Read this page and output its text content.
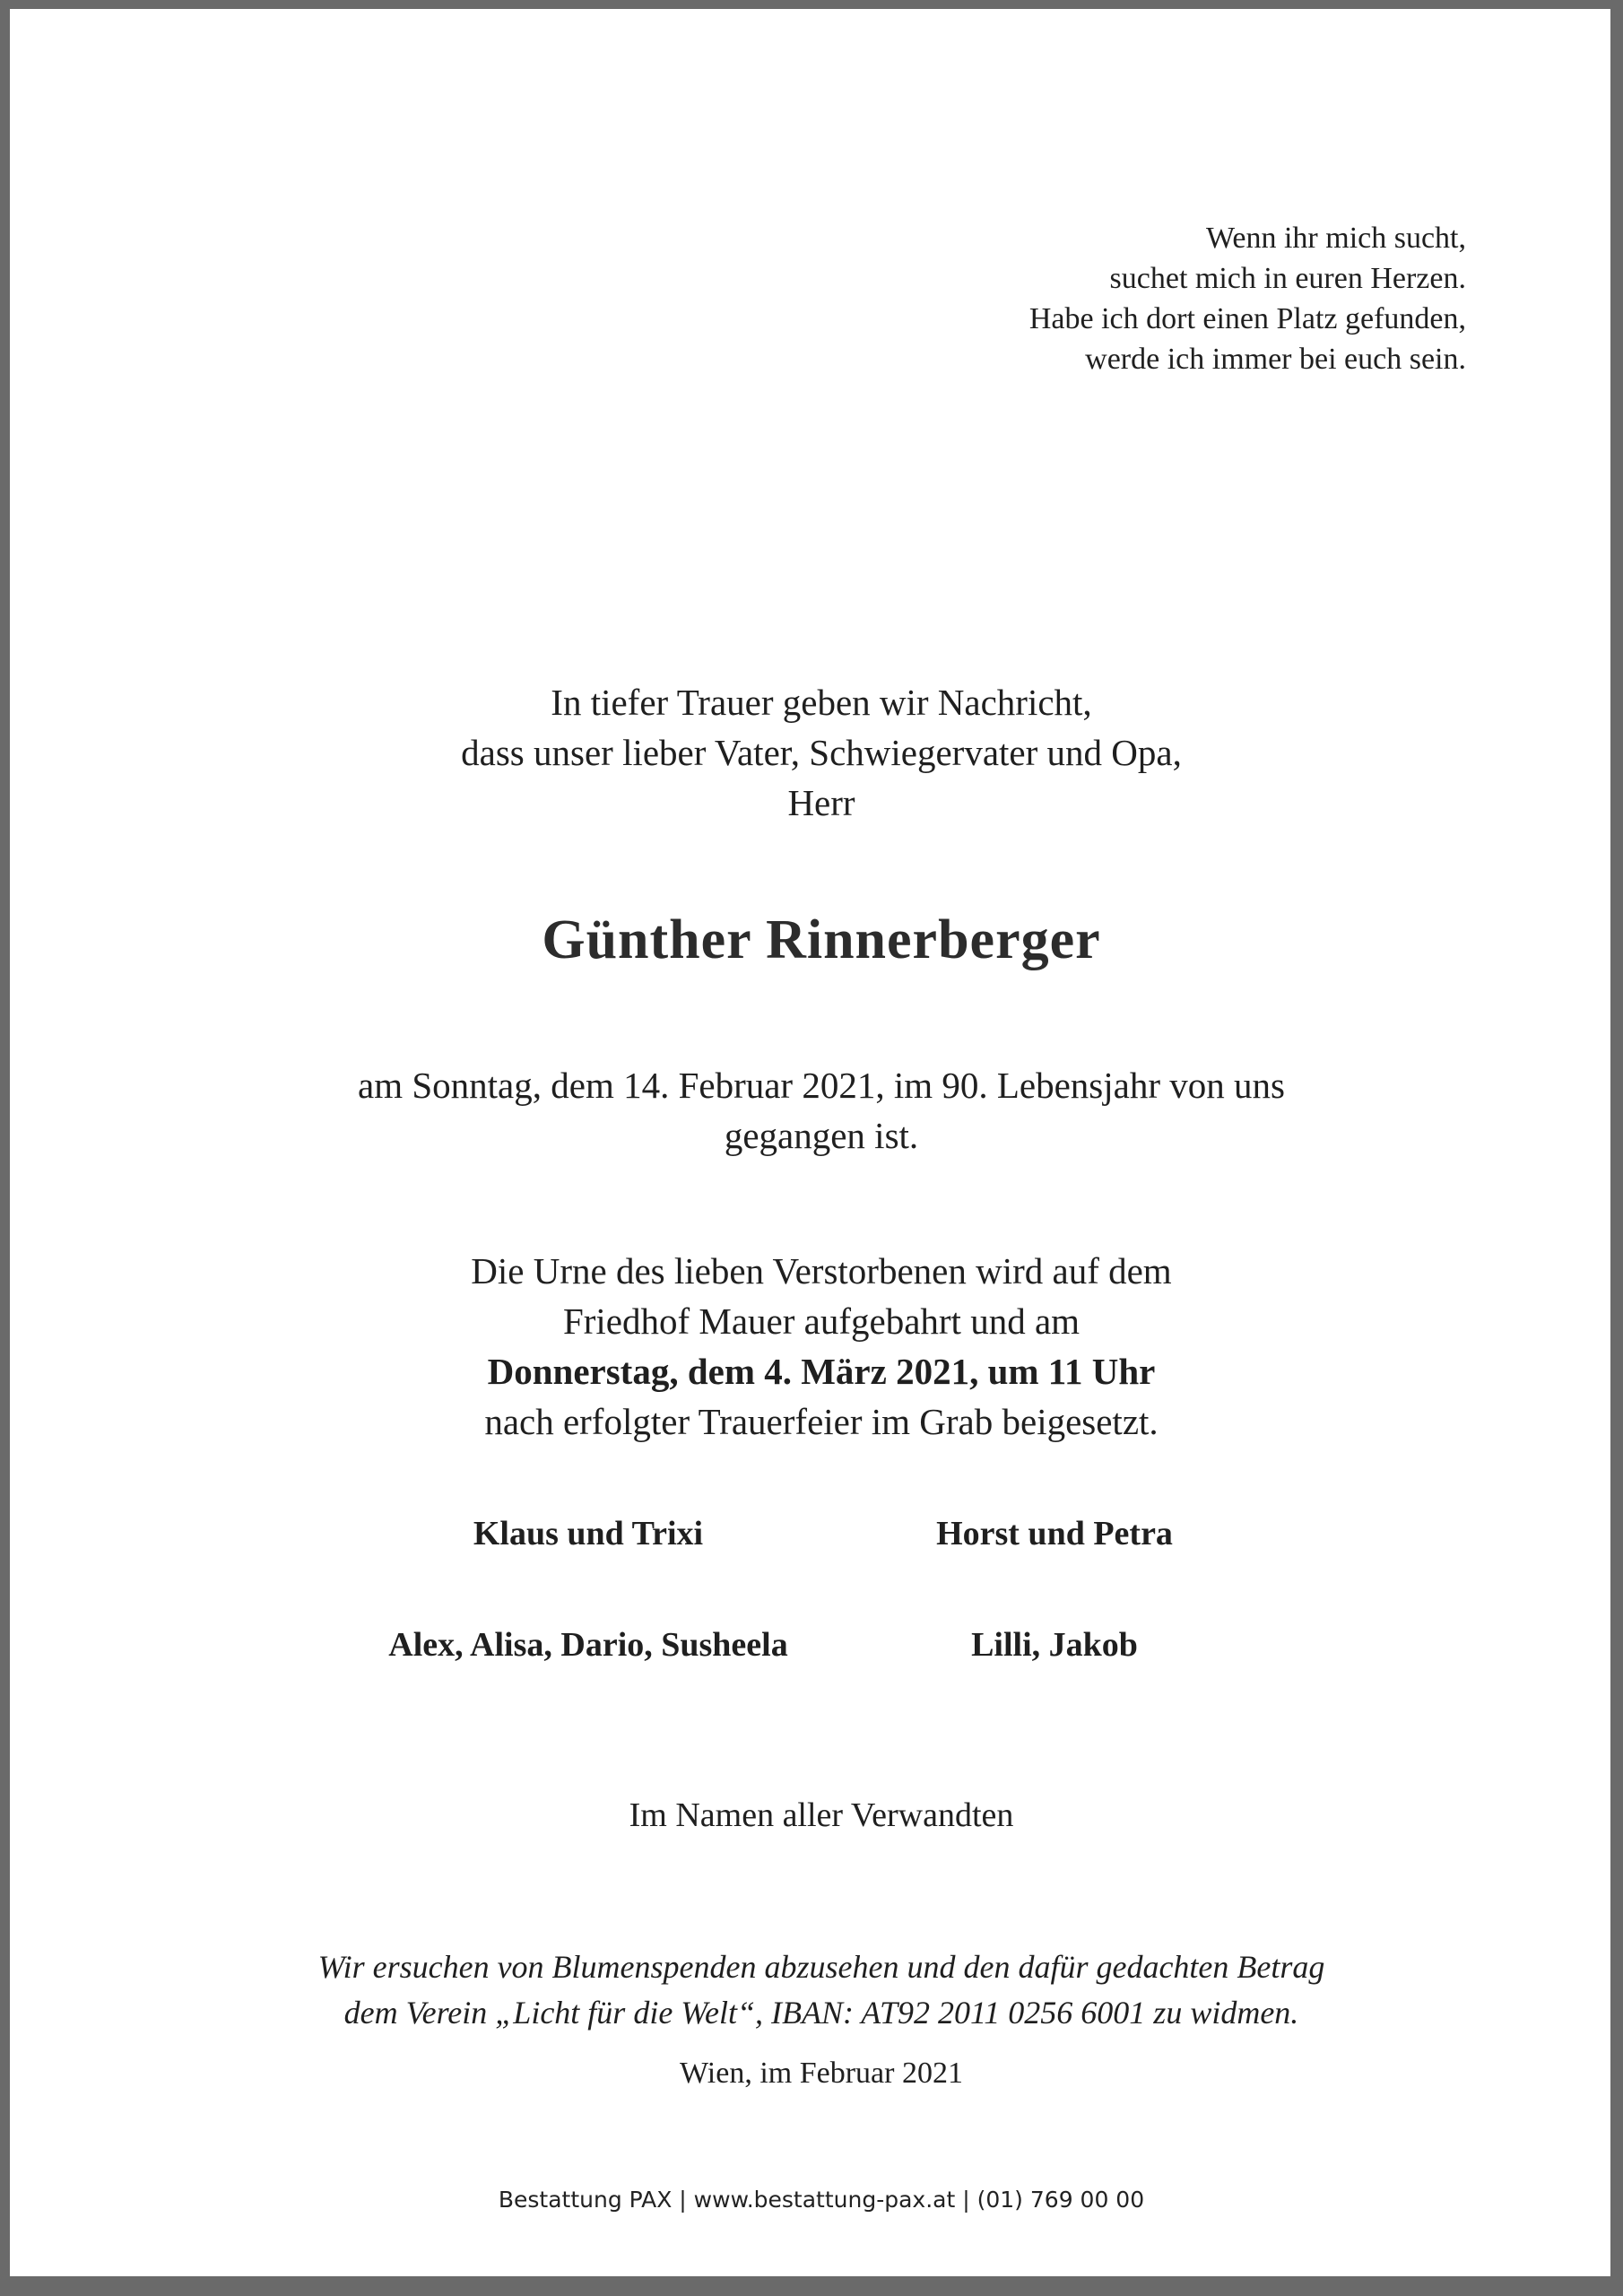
Wenn ihr mich sucht,
suchet mich in euren Herzen.
Habe ich dort einen Platz gefunden,
werde ich immer bei euch sein.
In tiefer Trauer geben wir Nachricht,
dass unser lieber Vater, Schwiegervater und Opa,
Herr
Günther Rinnerberger
am Sonntag, dem 14. Februar 2021, im 90. Lebensjahr von uns
gegangen ist.
Die Urne des lieben Verstorbenen wird auf dem
Friedhof Mauer aufgebahrt und am
Donnerstag, dem 4. März 2021, um 11 Uhr
nach erfolgter Trauerfeier im Grab beigesetzt.
Klaus und Trixi	Horst und Petra
Alex, Alisa, Dario, Susheela	Lilli, Jakob
Im Namen aller Verwandten
Wir ersuchen von Blumenspenden abzusehen und den dafür gedachten Betrag
dem Verein „Licht für die Welt“, IBAN: AT92 2011 0256 6001 zu widmen.
Wien, im Februar 2021
Bestattung PAX | www.bestattung-pax.at | (01) 769 00 00
